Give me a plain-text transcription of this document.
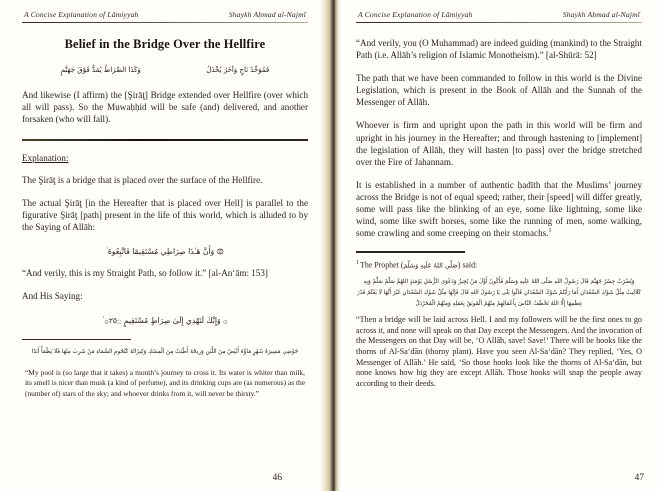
A Concise Explanation of Lāmiyyah	Shaykh Aḥmad al-Najmī
Belief in the Bridge Over the Hellfire
فَمُوَحِّدٌ نَاجٍ وَآخَرُ يُخْذَلُ
وَكَذَا الصِّرَاطُ يُمَدُّ فَوْقَ جَهَنَّمٍ

And likewise (I affirm) the [Şirāţ] Bridge extended over Hellfire (over which all will pass). So the Muwaḥḥid will be safe (and) delivered, and another forsaken (who will fall).

Explanation:

The Şirāţ is a bridge that is placed over the surface of the Hellfire.

The actual Şirāţ [in the Hereafter that is placed over Hell] is parallel to the figurative Şirāţ [path] present in the life of this world, which is alluded to by the Saying of Allāh:

۞ وَأَنَّ هَـٰذَا صِرَاطِي مُسْتَقِيمًا فَاتَّبِعُوهُ ۟

“And verily, this is my Straight Path, so follow it.” [al-An‘ām: 153]

And His Saying:

۞ وَإِنَّكَ لَتَهْدِي إِلَىٰ صِرَاطٍ مُسْتَقِيمٍ ۝٥٢۞ ۟
حَوْضِي مَسِيرَةُ شَهْرٍ مَاؤُهُ أَبْيَضُ مِنَ اللَّبَنِ وَرِيحُهُ أَطْيَبُ مِنَ الْمِسْكِ وَكِيزَانُهُ كَنُجُومِ السَّمَاءِ مَنْ شَرِبَ مِنْهَا فَلَا يَظْمَأُ أَبَدًا

“My pool is (so large that it takes) a month’s journey to cross it. Its water is whiter than milk, its smell is nicer than musk (a kind of perfume), and its drinking cups are (as numerous) as the (number of) stars of the sky; and whoever drinks from it, will never be thirsty.”

46
A Concise Explanation of Lāmiyyah	Shaykh Aḥmad al-Najmī

“And verily, you (O Muhammad) are indeed guiding (mankind) to the Straight Path (i.e. Allāh’s religion of Islamic Monotheism).” [al-Shūrā: 52]

The path that we have been commanded to follow in this world is the Divine Legislation, which is present in the Book of Allāh and the Sunnah of the Messenger of Allāh.

Whoever is firm and upright upon the path in this world will be firm and upright in his journey in the Hereafter; and through hastening to [implement] the legislation of Allāh, they will hasten [to pass] over the bridge stretched over the Fire of Jahannam.

It is established in a number of authentic ḥadīth that the Muslims’ journey across the Bridge is not of equal speed; rather, their [speed] will differ greatly, some will pass like the blinking of an eye, some like lightning, some like wind, some like swift horses, some like the running of men, some walking, some crawling and some creeping on their stomachs.$^1$

$^1$The Prophet (صَلّى اللهُ عَلَيهِ وَسَلّمَ) said:
وَيُضْرَبُ جِسْرٌ جَهَنَّمَ قَالَ رَسُولُ اللهِ صَلّى اللهُ عَلَيهِ وَسَلّمَ فَأَكُونُ أَوَّلَ مَنْ يُجِيزُ وَدَعْوَى الرُّسُلِ يَوْمَئِذٍ اللهُمَّ سَلِّمْ سَلِّمْ وَبِهِ كَلَالِيبُ مِثْلُ شَوْكِ السَّعْدَانِ أَمَا رَأَيْتُمْ شَوْكَ السَّعْدَانِ قَالُوا بَلَى يَا رَسُولَ اللهِ قَالَ فَإِنَّهَا مِثْلُ شَوْكِ السَّعْدَانِ غَيْرَ أَنَّهَا لَا يَعْلَمُ قَدْرَ عِظَمِهَا إِلَّا اللهُ تَخْطَفُ النَّاسَ بِأَعْمَالِهِمْ مِنْهُمْ الْمُوبَقُ بِعَمَلِهِ وَمِنْهُمْ الْمُخَرْدَلُ

“Then a bridge will be laid across Hell. I and my followers will be the first ones to go across it, and none will speak on that Day except the Messengers. And the invocation of the Messengers on that Day will be, ‘O Allāh, save! Save!’ There will be hooks like the thorns of Al-Sa‘dān (thorny plant). Have you seen Al-Sa‘dān? They replied, ‘Yes, O Messenger of Allāh.’ He said, ‘So those hooks look like the thorns of Al-Sa‘dān, but none knows how big they are except Allāh. Those hooks will snap the people away according to their deeds.

47
